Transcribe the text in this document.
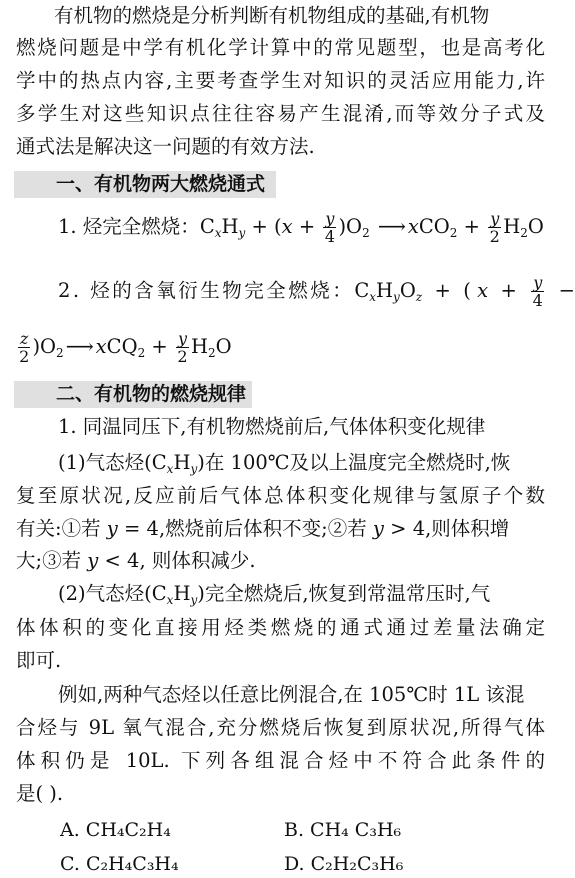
有机物的燃烧是分析判断有机物组成的基础,有机物
燃烧问题是中学有机化学计算中的常见题型，也是高考化
学中的热点内容,主要考查学生对知识的灵活应用能力,许
多学生对这些知识点往往容易产生混淆,而等效分子式及
通式法是解决这一问题的有效方法.
一、有机物两大燃烧通式
1. 烃完全燃烧：$C_xH_y + (x + \frac{y}{4} )O_2$ ⟶ $xCO_2 + \frac{y}{2} H_2O$
2. 烃的含氧衍生物完全燃烧：$C_xH_yO_z$  +  ( $x + \frac{y}{4}$ −
$\frac{z}{2} )O_2$ ⟶ $xCQ_2 + \frac{y}{2} H_2O$
二、有机物的燃烧规律
1. 同温同压下,有机物燃烧前后,气体体积变化规律
(1)气态烃$(C_xH_y)$在 100℃及以上温度完全燃烧时,恢
复至原状况,反应前后气体总体积变化规律与氢原子个数
有关:①若 y = 4,燃烧前后体积不变;②若 y > 4,则体积增
大;③若 y < 4, 则体积减少.
(2)气态烃$(C_xH_y)$完全燃烧后,恢复到常温常压时,气
体体积的变化直接用烃类燃烧的通式通过差量法确定
即可.
例如,两种气态烃以任意比例混合,在 105℃时 1L 该混
合烃与 9L 氧气混合,充分燃烧后恢复到原状况,所得气体
体积仍是 10L. 下列各组混合烃中不符合此条件的
是( ).
A. CH₄C₂H₄	B. CH₄ C₃H₆
C. C₂H₄C₃H₄	D. C₂H₂C₃H₆
